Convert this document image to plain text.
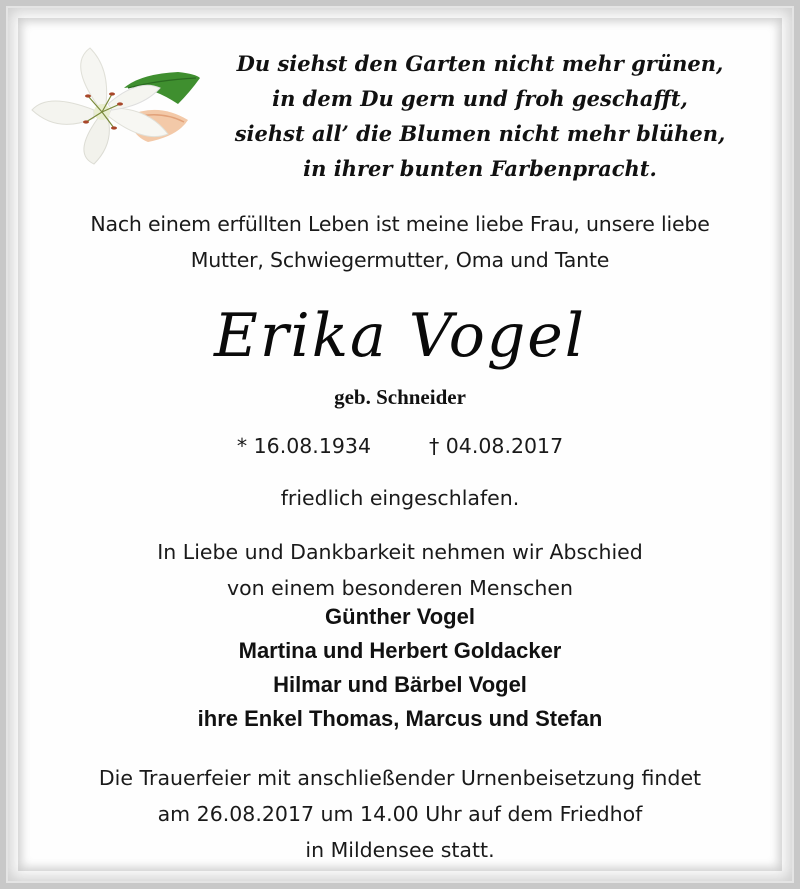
Du siehst den Garten nicht mehr grünen,
in dem Du gern und froh geschafft,
siehst all’ die Blumen nicht mehr blühen,
in ihrer bunten Farbenpracht.
Nach einem erfüllten Leben ist meine liebe Frau, unsere liebe
Mutter, Schwiegermutter, Oma und Tante
Erika Vogel
geb. Schneider
* 16.08.1934	† 04.08.2017
friedlich eingeschlafen.
In Liebe und Dankbarkeit nehmen wir Abschied
von einem besonderen Menschen
Günther Vogel
Martina und Herbert Goldacker
Hilmar und Bärbel Vogel
ihre Enkel Thomas, Marcus und Stefan
Die Trauerfeier mit anschließender Urnenbeisetzung findet
am 26.08.2017 um 14.00 Uhr auf dem Friedhof
in Mildensee statt.
